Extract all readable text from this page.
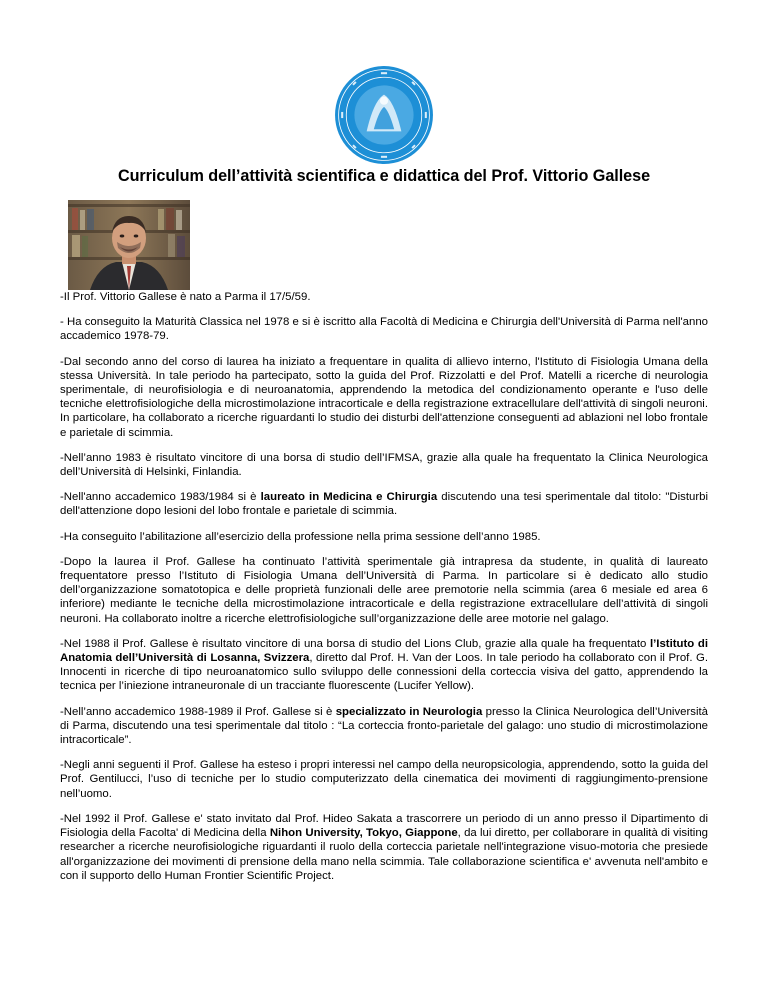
Curriculum dell’attività scientifica e didattica del Prof. Vittorio Gallese

-Il Prof. Vittorio Gallese è nato a Parma il 17/5/59.

- Ha conseguito la Maturità Classica nel 1978 e si è iscritto alla Facoltà di Medicina e Chirurgia dell'Università di Parma nell'anno accademico 1978-79.

-Dal secondo anno del corso di laurea ha iniziato a frequentare in qualita di allievo interno, l'Istituto di Fisiologia Umana della stessa Università. In tale periodo ha partecipato, sotto la guida del Prof. Rizzolatti e del Prof. Matelli a ricerche di neurologia sperimentale, di neurofisiologia e di neuroanatomia, apprendendo la metodica del condizionamento operante e l'uso delle tecniche elettrofisiologiche della microstimolazione intracorticale e della registrazione extracellulare dell'attività di singoli neuroni. In particolare, ha collaborato a ricerche riguardanti lo studio dei disturbi dell'attenzione conseguenti ad ablazioni nel lobo frontale e parietale di scimmia.

-Nell’anno 1983 è risultato vincitore di una borsa di studio dell’IFMSA, grazie alla quale ha frequentato la Clinica Neurologica dell’Università di Helsinki, Finlandia.

-Nell'anno accademico 1983/1984 si è laureato in Medicina e Chirurgia discutendo una tesi sperimentale dal titolo: "Disturbi dell'attenzione dopo lesioni del lobo frontale e parietale di scimmia.

-Ha conseguito l’abilitazione all’esercizio della professione nella prima sessione dell’anno 1985.

-Dopo la laurea il Prof. Gallese ha continuato l’attività sperimentale già intrapresa da studente, in qualità di laureato frequentatore presso l’Istituto di Fisiologia Umana dell’Università di Parma. In particolare si è dedicato allo studio dell’organizzazione somatotopica e delle proprietà funzionali delle aree premotorie nella scimmia (area 6 mesiale ed area 6 inferiore) mediante le tecniche della microstimolazione intracorticale e della registrazione extracellulare dell’attività di singoli neuroni. Ha collaborato inoltre a ricerche elettrofisiologiche sull’organizzazione delle aree motorie nel galago.

-Nel 1988 il Prof. Gallese è risultato vincitore di una borsa di studio del Lions Club, grazie alla quale ha frequentato l’Istituto di Anatomia dell’Università di Losanna, Svizzera, diretto dal Prof. H. Van der Loos. In tale periodo ha collaborato con il Prof. G. Innocenti in ricerche di tipo neuroanatomico sullo sviluppo delle connessioni della corteccia visiva del gatto, apprendendo la tecnica per l’iniezione intraneuronale di un tracciante fluorescente (Lucifer Yellow).

-Nell’anno accademico 1988-1989 il Prof. Gallese si è specializzato in Neurologia presso la Clinica Neurologica dell’Università di Parma, discutendo una tesi sperimentale dal titolo : “La corteccia fronto-parietale del galago: uno studio di microstimolazione intracorticale”.

-Negli anni seguenti il Prof. Gallese ha esteso i propri interessi nel campo della neuropsicologia, apprendendo, sotto la guida del Prof. Gentilucci, l’uso di tecniche per lo studio computerizzato della cinematica dei movimenti di raggiungimento-prensione nell’uomo.

-Nel 1992 il Prof. Gallese e' stato invitato dal Prof. Hideo Sakata a trascorrere un periodo di un anno presso il Dipartimento di Fisiologia della Facolta' di Medicina della Nihon University, Tokyo, Giappone, da lui diretto, per collaborare in qualità di visiting researcher a ricerche neurofisiologiche riguardanti il ruolo della corteccia parietale nell'integrazione visuo-motoria che presiede all'organizzazione dei movimenti di prensione della mano nella scimmia. Tale collaborazione scientifica e' avvenuta nell'ambito e con il supporto dello Human Frontier Scientific Project.
